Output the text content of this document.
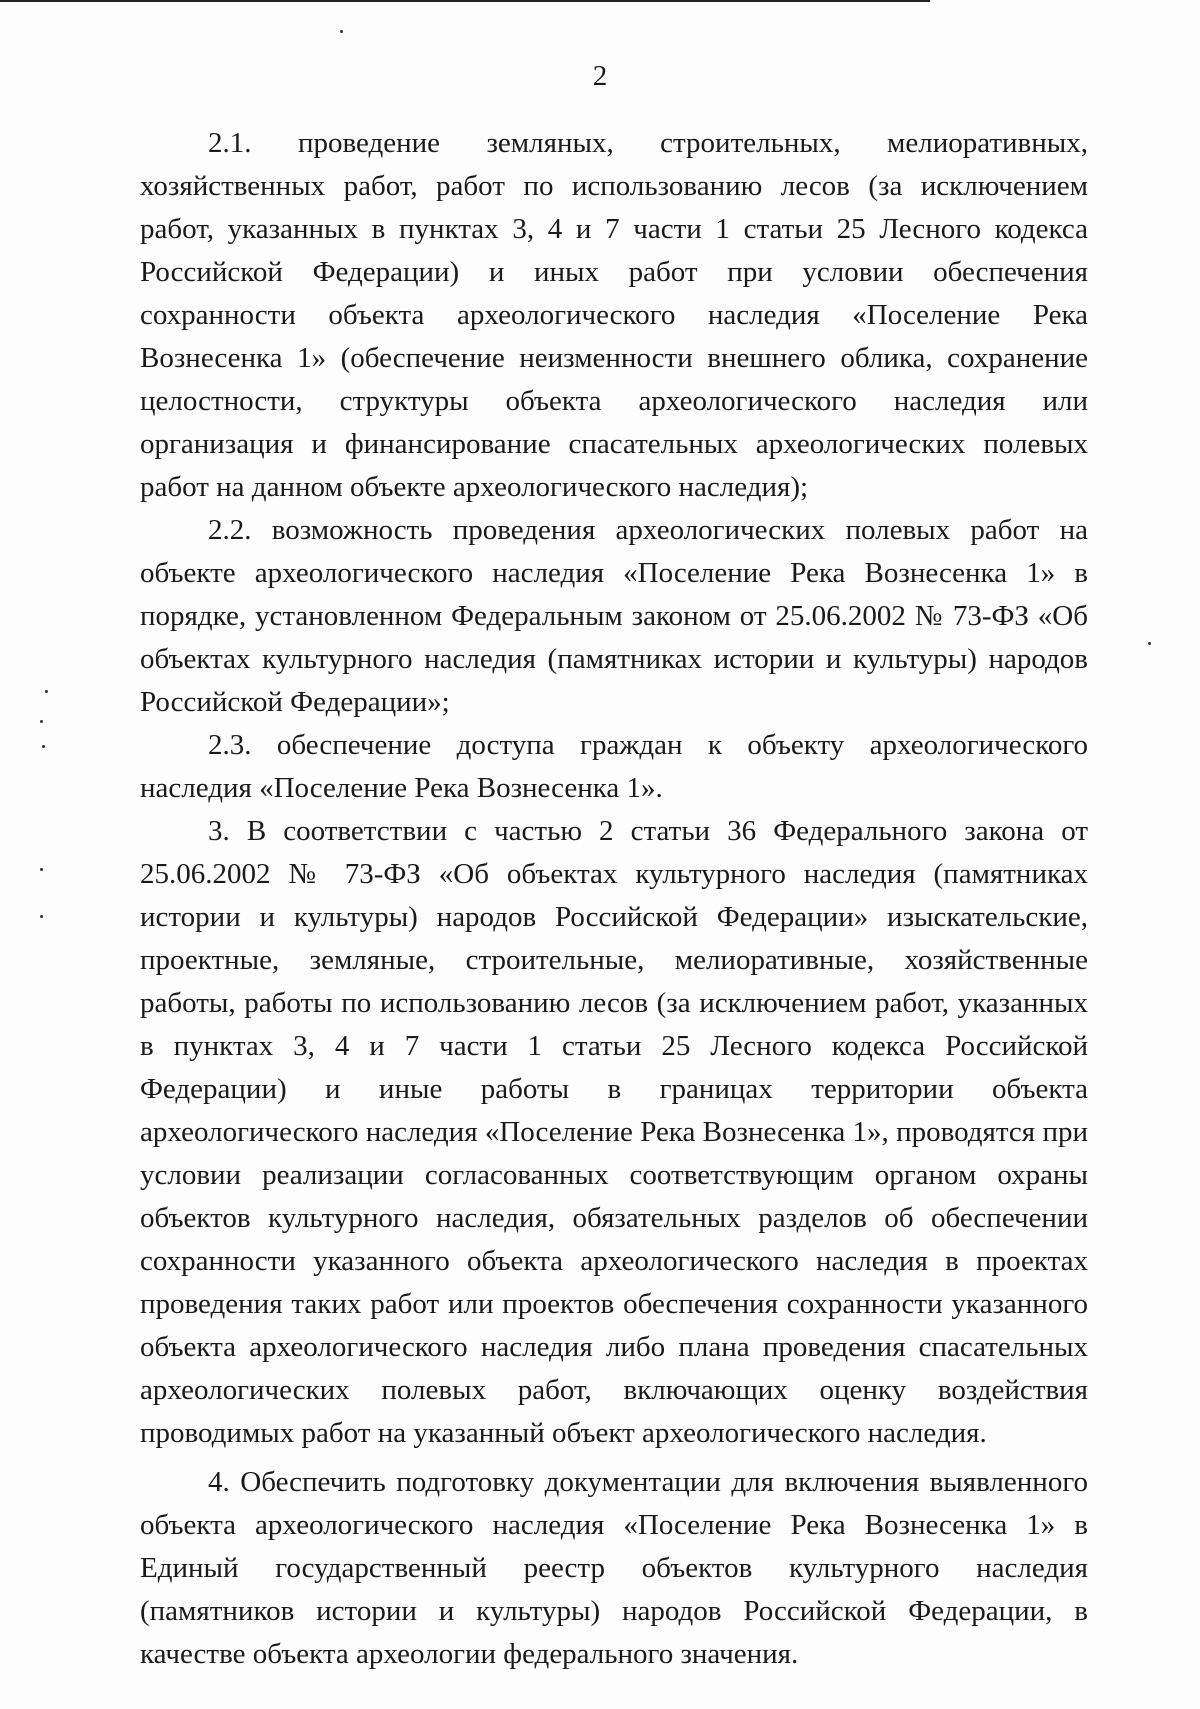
2

2.1. проведение земляных, строительных, мелиоративных, хозяйственных работ, работ по использованию лесов (за исключением работ, указанных в пунктах 3, 4 и 7 части 1 статьи 25 Лесного кодекса Российской Федерации) и иных работ при условии обеспечения сохранности объекта археологического наследия «Поселение Река Вознесенка 1» (обеспечение неизменности внешнего облика, сохранение целостности, структуры объекта археологического наследия или организация и финансирование спасательных археологических полевых работ на данном объекте археологического наследия);

2.2. возможность проведения археологических полевых работ на объекте археологического наследия «Поселение Река Вознесенка 1» в порядке, установленном Федеральным законом от 25.06.2002 № 73-ФЗ «Об объектах культурного наследия (памятниках истории и культуры) народов Российской Федерации»;

2.3. обеспечение доступа граждан к объекту археологического наследия «Поселение Река Вознесенка 1».

3. В соответствии с частью 2 статьи 36 Федерального закона от 25.06.2002 № 73-ФЗ «Об объектах культурного наследия (памятниках истории и культуры) народов Российской Федерации» изыскательские, проектные, земляные, строительные, мелиоративные, хозяйственные работы, работы по использованию лесов (за исключением работ, указанных в пунктах 3, 4 и 7 части 1 статьи 25 Лесного кодекса Российской Федерации) и иные работы в границах территории объекта археологического наследия «Поселение Река Вознесенка 1», проводятся при условии реализации согласованных соответствующим органом охраны объектов культурного наследия, обязательных разделов об обеспечении сохранности указанного объекта археологического наследия в проектах проведения таких работ или проектов обеспечения сохранности указанного объекта археологического наследия либо плана проведения спасательных археологических полевых работ, включающих оценку воздействия проводимых работ на указанный объект археологического наследия.

4. Обеспечить подготовку документации для включения выявленного объекта археологического наследия «Поселение Река Вознесенка 1» в Единый государственный реестр объектов культурного наследия (памятников истории и культуры) народов Российской Федерации, в качестве объекта археологии федерального значения.
